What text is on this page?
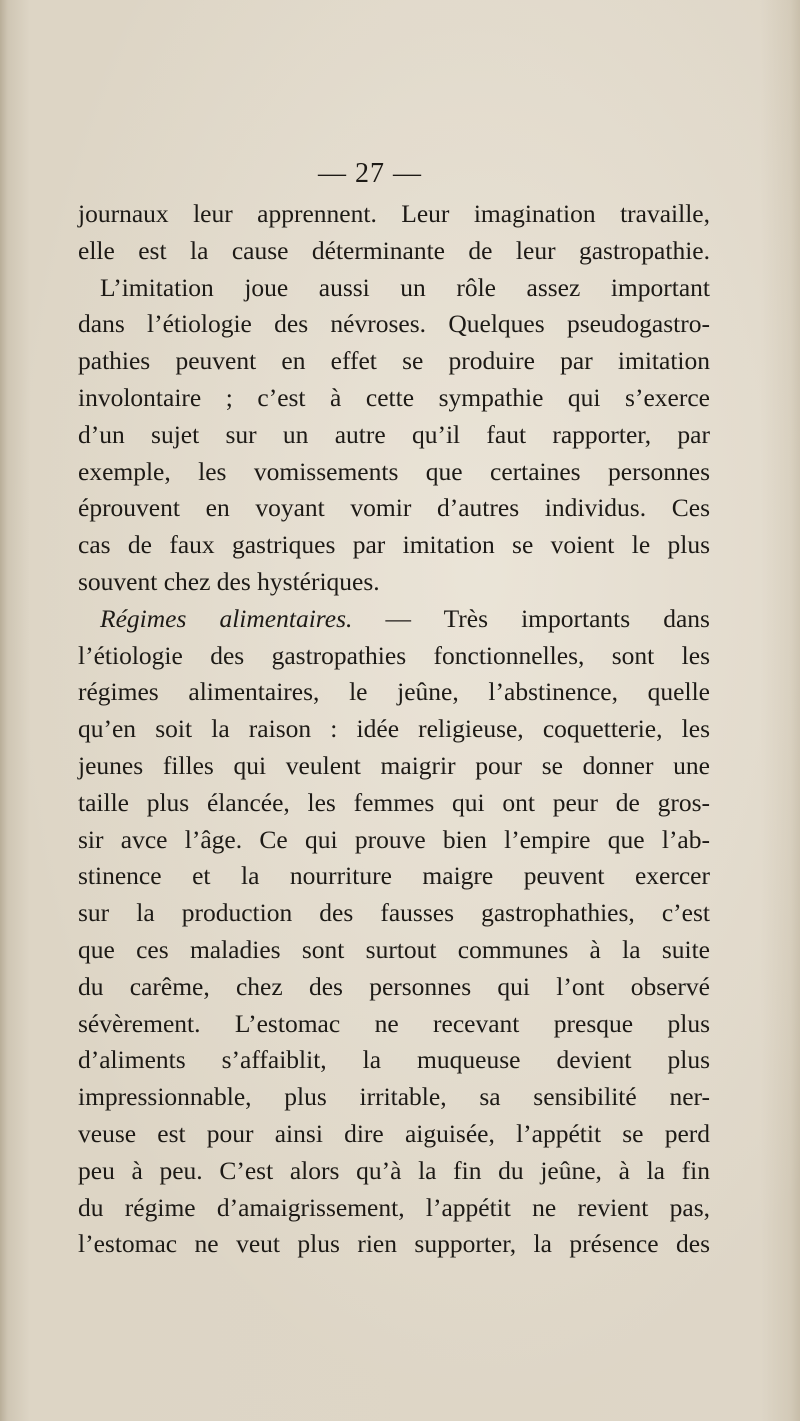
— 27 —
journaux leur apprennent. Leur imagination travaille,
elle est la cause déterminante de leur gastropathie.
L’imitation joue aussi un rôle assez important
dans l’étiologie des névroses. Quelques pseudogastro-
pathies peuvent en effet se produire par imitation
involontaire ; c’est à cette sympathie qui s’exerce
d’un sujet sur un autre qu’il faut rapporter, par
exemple, les vomissements que certaines personnes
éprouvent en voyant vomir d’autres individus. Ces
cas de faux gastriques par imitation se voient le plus
souvent chez des hystériques.
Régimes alimentaires. — Très importants dans
l’étiologie des gastropathies fonctionnelles, sont les
régimes alimentaires, le jeûne, l’abstinence, quelle
qu’en soit la raison : idée religieuse, coquetterie, les
jeunes filles qui veulent maigrir pour se donner une
taille plus élancée, les femmes qui ont peur de gros-
sir avce l’âge. Ce qui prouve bien l’empire que l’ab-
stinence et la nourriture maigre peuvent exercer
sur la production des fausses gastrophathies, c’est
que ces maladies sont surtout communes à la suite
du carême, chez des personnes qui l’ont observé
sévèrement. L’estomac ne recevant presque plus
d’aliments s’affaiblit, la muqueuse devient plus
impressionnable, plus irritable, sa sensibilité ner-
veuse est pour ainsi dire aiguisée, l’appétit se perd
peu à peu. C’est alors qu’à la fin du jeûne, à la fin
du régime d’amaigrissement, l’appétit ne revient pas,
l’estomac ne veut plus rien supporter, la présence des
